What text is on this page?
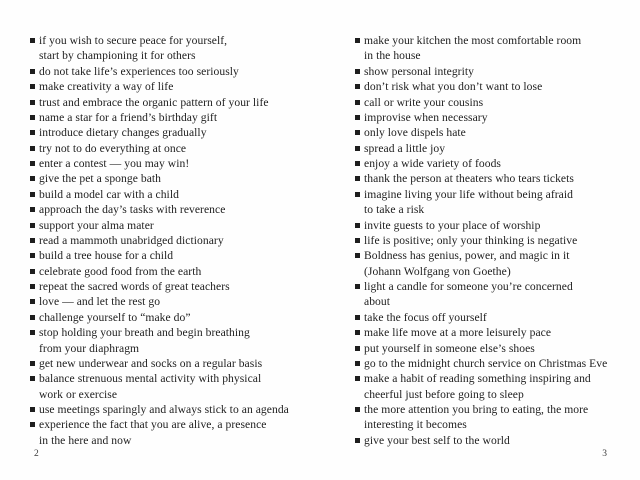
if you wish to secure peace for yourself,
start by championing it for others
do not take life’s experiences too seriously
make creativity a way of life
trust and embrace the organic pattern of your life
name a star for a friend’s birthday gift
introduce dietary changes gradually
try not to do everything at once
enter a contest — you may win!
give the pet a sponge bath
build a model car with a child
approach the day’s tasks with reverence
support your alma mater
read a mammoth unabridged dictionary
build a tree house for a child
celebrate good food from the earth
repeat the sacred words of great teachers
love — and let the rest go
challenge yourself to “make do”
stop holding your breath and begin breathing
from your diaphragm
get new underwear and socks on a regular basis
balance strenuous mental activity with physical
work or exercise
use meetings sparingly and always stick to an agenda
experience the fact that you are alive, a presence
in the here and now
2
make your kitchen the most comfortable room
in the house
show personal integrity
don’t risk what you don’t want to lose
call or write your cousins
improvise when necessary
only love dispels hate
spread a little joy
enjoy a wide variety of foods
thank the person at theaters who tears tickets
imagine living your life without being afraid
to take a risk
invite guests to your place of worship
life is positive; only your thinking is negative
Boldness has genius, power, and magic in it
(Johann Wolfgang von Goethe)
light a candle for someone you’re concerned
about
take the focus off yourself
make life move at a more leisurely pace
put yourself in someone else’s shoes
go to the midnight church service on Christmas Eve
make a habit of reading something inspiring and
cheerful just before going to sleep
the more attention you bring to eating, the more
interesting it becomes
give your best self to the world
3
